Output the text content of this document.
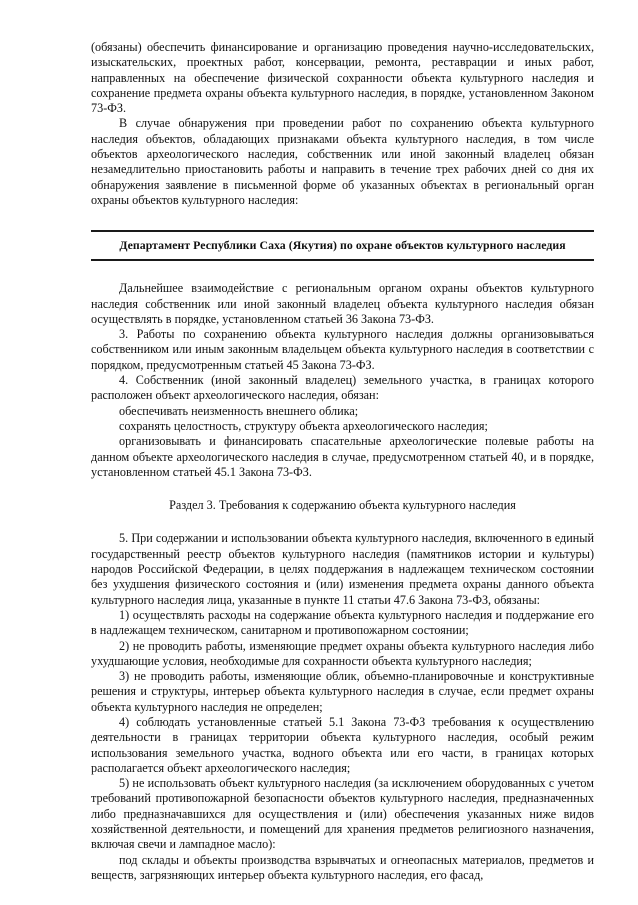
(обязаны) обеспечить финансирование и организацию проведения научно-исследовательских, изыскательских, проектных работ, консервации, ремонта, реставрации и иных работ, направленных на обеспечение физической сохранности объекта культурного наследия и сохранение предмета охраны объекта культурного наследия, в порядке, установленном Законом 73-ФЗ.

В случае обнаружения при проведении работ по сохранению объекта культурного наследия объектов, обладающих признаками объекта культурного наследия, в том числе объектов археологического наследия, собственник или иной законный владелец обязан незамедлительно приостановить работы и направить в течение трех рабочих дней со дня их обнаружения заявление в письменной форме об указанных объектах в региональный орган охраны объектов культурного наследия:

Департамент Республики Саха (Якутия) по охране объектов культурного наследия

Дальнейшее взаимодействие с региональным органом охраны объектов культурного наследия собственник или иной законный владелец объекта культурного наследия обязан осуществлять в порядке, установленном статьей 36 Закона 73-ФЗ.

3. Работы по сохранению объекта культурного наследия должны организовываться собственником или иным законным владельцем объекта культурного наследия в соответствии с порядком, предусмотренным статьей 45 Закона 73-ФЗ.

4. Собственник (иной законный владелец) земельного участка, в границах которого расположен объект археологического наследия, обязан:

обеспечивать неизменность внешнего облика;

сохранять целостность, структуру объекта археологического наследия;

организовывать и финансировать спасательные археологические полевые работы на данном объекте археологического наследия в случае, предусмотренном статьей 40, и в порядке, установленном статьей 45.1 Закона 73-ФЗ.

Раздел 3. Требования к содержанию объекта культурного наследия

5. При содержании и использовании объекта культурного наследия, включенного в единый государственный реестр объектов культурного наследия (памятников истории и культуры) народов Российской Федерации, в целях поддержания в надлежащем техническом состоянии без ухудшения физического состояния и (или) изменения предмета охраны данного объекта культурного наследия лица, указанные в пункте 11 статьи 47.6 Закона 73-ФЗ, обязаны:

1) осуществлять расходы на содержание объекта культурного наследия и поддержание его в надлежащем техническом, санитарном и противопожарном состоянии;

2) не проводить работы, изменяющие предмет охраны объекта культурного наследия либо ухудшающие условия, необходимые для сохранности объекта культурного наследия;

3) не проводить работы, изменяющие облик, объемно-планировочные и конструктивные решения и структуры, интерьер объекта культурного наследия в случае, если предмет охраны объекта культурного наследия не определен;

4) соблюдать установленные статьей 5.1 Закона 73-ФЗ требования к осуществлению деятельности в границах территории объекта культурного наследия, особый режим использования земельного участка, водного объекта или его части, в границах которых располагается объект археологического наследия;

5) не использовать объект культурного наследия (за исключением оборудованных с учетом требований противопожарной безопасности объектов культурного наследия, предназначенных либо предназначавшихся для осуществления и (или) обеспечения указанных ниже видов хозяйственной деятельности, и помещений для хранения предметов религиозного назначения, включая свечи и лампадное масло):

под склады и объекты производства взрывчатых и огнеопасных материалов, предметов и веществ, загрязняющих интерьер объекта культурного наследия, его фасад,
